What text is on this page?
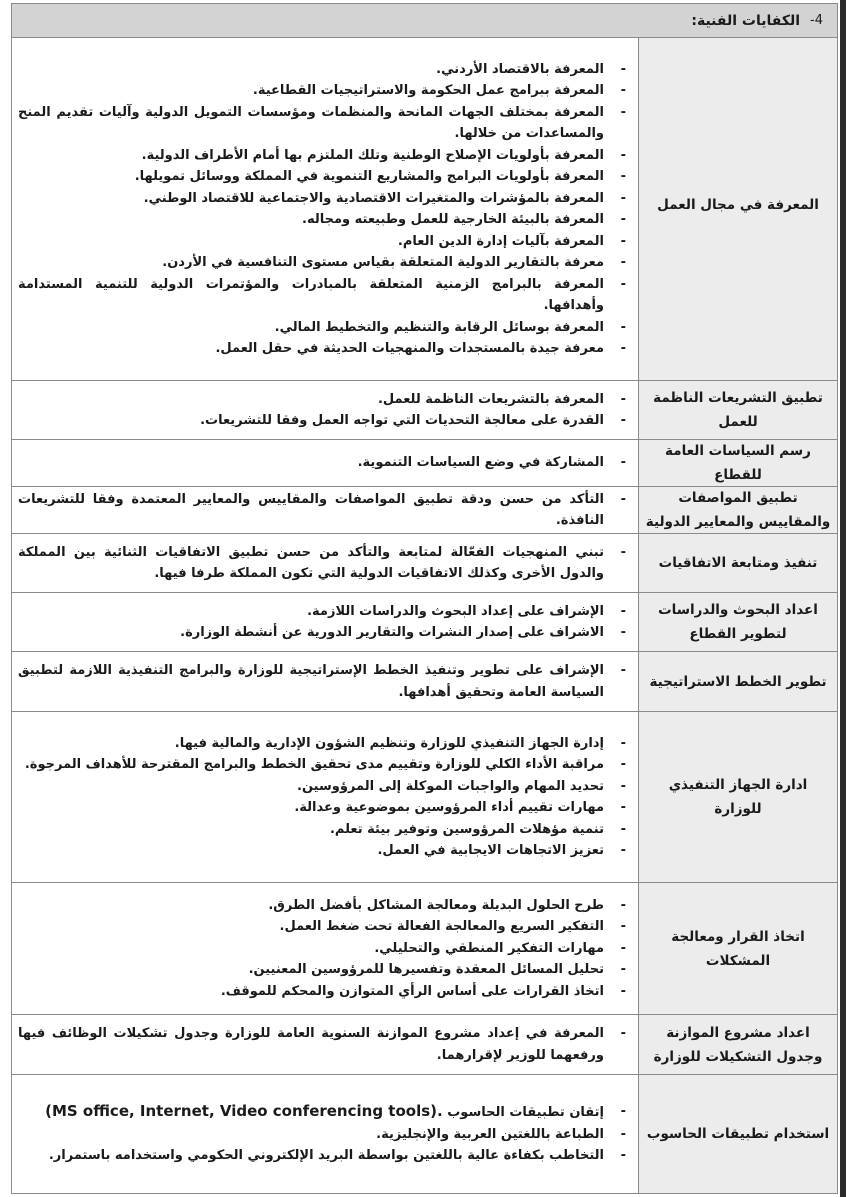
4-
الكفايات الفنية:
المعرفة في مجال العمل
-
المعرفة بالاقتصاد الأردني.
-
المعرفة ببرامج عمل الحكومة والاستراتيجيات القطاعية.
-
المعرفة بمختلف الجهات المانحة والمنظمات ومؤسسات التمويل الدولية وآليات تقديم المنح والمساعدات من خلالها.
-
المعرفة بأولويات الإصلاح الوطنية وتلك الملتزم بها أمام الأطراف الدولية.
-
المعرفة بأولويات البرامج والمشاريع التنموية في المملكة ووسائل تمويلها.
-
المعرفة بالمؤشرات والمتغيرات الاقتصادية والاجتماعية للاقتصاد الوطني.
-
المعرفة بالبيئة الخارجية للعمل وطبيعته ومجاله.
-
المعرفة بآليات إدارة الدين العام.
-
معرفة بالتقارير الدولية المتعلقة بقياس مستوى التنافسية في الأردن.
-
المعرفة بالبرامج الزمنية المتعلقة بالمبادرات والمؤتمرات الدولية للتنمية المستدامة وأهدافها.
-
المعرفة بوسائل الرقابة والتنظيم والتخطيط المالي.
-
معرفة جيدة بالمستجدات والمنهجيات الحديثة في حقل العمل.
تطبيق التشريعات الناظمة للعمل
-
المعرفة بالتشريعات الناظمة للعمل.
-
القدرة على معالجة التحديات التي تواجه العمل وفقا للتشريعات.
رسم السياسات العامة للقطاع
-
المشاركة في وضع السياسات التنموية.
تطبيق المواصفات والمقاييس والمعايير الدولية
-
التأكد من حسن ودقة تطبيق المواصفات والمقاييس والمعايير المعتمدة وفقا للتشريعات النافذة.
تنفيذ ومتابعة الاتفاقيات
-
تبني المنهجيات الفعّالة لمتابعة والتأكد من حسن تطبيق الاتفاقيات الثنائية بين المملكة والدول الأخرى وكذلك الاتفاقيات الدولية التي تكون المملكة طرفا فيها.
اعداد البحوث والدراسات لتطوير القطاع
-
الإشراف على إعداد البحوث والدراسات اللازمة.
-
الاشراف على إصدار النشرات والتقارير الدورية عن أنشطة الوزارة.
تطوير الخطط الاستراتيجية
-
الإشراف على تطوير وتنفيذ الخطط الإستراتيجية للوزارة والبرامج التنفيذية اللازمة لتطبيق السياسة العامة وتحقيق أهدافها.
ادارة الجهاز التنفيذي للوزارة
-
إدارة الجهاز التنفيذي للوزارة وتنظيم الشؤون الإدارية والمالية فيها.
-
مراقبة الأداء الكلي للوزارة وتقييم مدى تحقيق الخطط والبرامج المقترحة للأهداف المرجوة.
-
تحديد المهام والواجبات الموكلة إلى المرؤوسين.
-
مهارات تقييم أداء المرؤوسين بموضوعية وعدالة.
-
تنمية مؤهلات المرؤوسين وتوفير بيئة تعلم.
-
تعزيز الاتجاهات الايجابية في العمل.
اتخاذ القرار ومعالجة المشكلات
-
طرح الحلول البديلة ومعالجة المشاكل بأفضل الطرق.
-
التفكير السريع والمعالجة الفعالة تحت ضغط العمل.
-
مهارات التفكير المنطقي والتحليلي.
-
تحليل المسائل المعقدة وتفسيرها للمرؤوسين المعنيين.
-
اتخاذ القرارات على أساس الرأي المتوازن والمحكم للموقف.
اعداد مشروع الموازنة وجدول التشكيلات للوزارة
-
المعرفة في إعداد مشروع الموازنة السنوية العامة للوزارة وجدول تشكيلات الوظائف فيها ورفعهما للوزير لإقرارهما.
استخدام تطبيقات الحاسوب
-
إتقان تطبيقات الحاسوب (MS office, Internet, Video conferencing tools).
-
الطباعة باللغتين العربية والإنجليزية.
-
التخاطب بكفاءة عالية باللغتين بواسطة البريد الإلكتروني الحكومي واستخدامه باستمرار.
